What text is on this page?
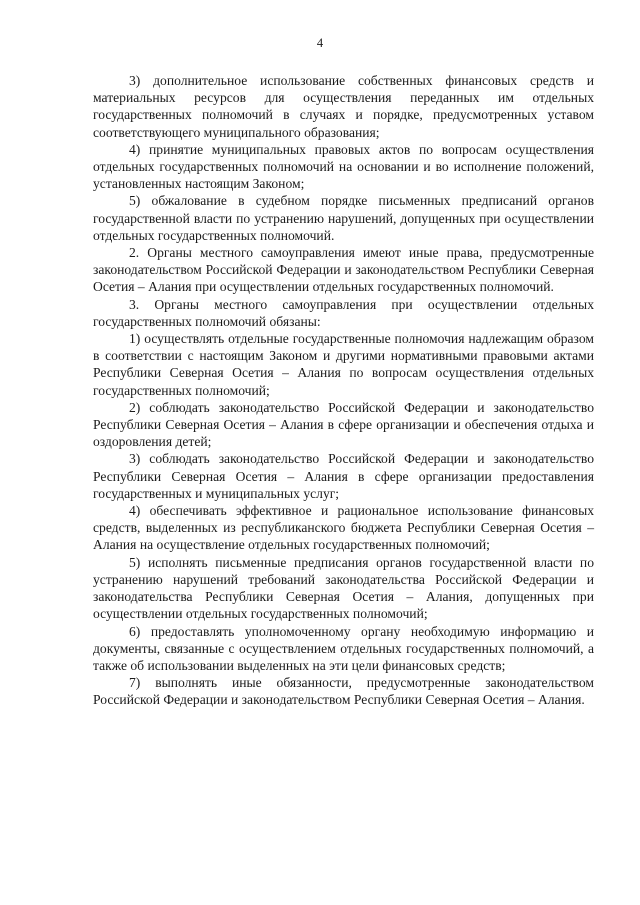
4

3) дополнительное использование собственных финансовых средств и материальных ресурсов для осуществления переданных им отдельных государственных полномочий в случаях и порядке, предусмотренных уставом соответствующего муниципального образования;

4) принятие муниципальных правовых актов по вопросам осуществления отдельных государственных полномочий на основании и во исполнение положений, установленных настоящим Законом;

5) обжалование в судебном порядке письменных предписаний органов государственной власти по устранению нарушений, допущенных при осуществлении отдельных государственных полномочий.

2. Органы местного самоуправления имеют иные права, предусмотренные законодательством Российской Федерации и законодательством Республики Северная Осетия – Алания при осуществлении отдельных государственных полномочий.

3. Органы местного самоуправления при осуществлении отдельных государственных полномочий обязаны:

1) осуществлять отдельные государственные полномочия надлежащим образом в соответствии с настоящим Законом и другими нормативными правовыми актами Республики Северная Осетия – Алания по вопросам осуществления отдельных государственных полномочий;

2) соблюдать законодательство Российской Федерации и законодательство Республики Северная Осетия – Алания в сфере организации и обеспечения отдыха и оздоровления детей;

3) соблюдать законодательство Российской Федерации и законодательство Республики Северная Осетия – Алания в сфере организации предоставления государственных и муниципальных услуг;

4) обеспечивать эффективное и рациональное использование финансовых средств, выделенных из республиканского бюджета Республики Северная Осетия – Алания на осуществление отдельных государственных полномочий;

5) исполнять письменные предписания органов государственной власти по устранению нарушений требований законодательства Российской Федерации и законодательства Республики Северная Осетия – Алания, допущенных при осуществлении отдельных государственных полномочий;

6) предоставлять уполномоченному органу необходимую информацию и документы, связанные с осуществлением отдельных государственных полномочий, а также об использовании выделенных на эти цели финансовых средств;

7) выполнять иные обязанности, предусмотренные законодательством Российской Федерации и законодательством Республики Северная Осетия – Алания.
